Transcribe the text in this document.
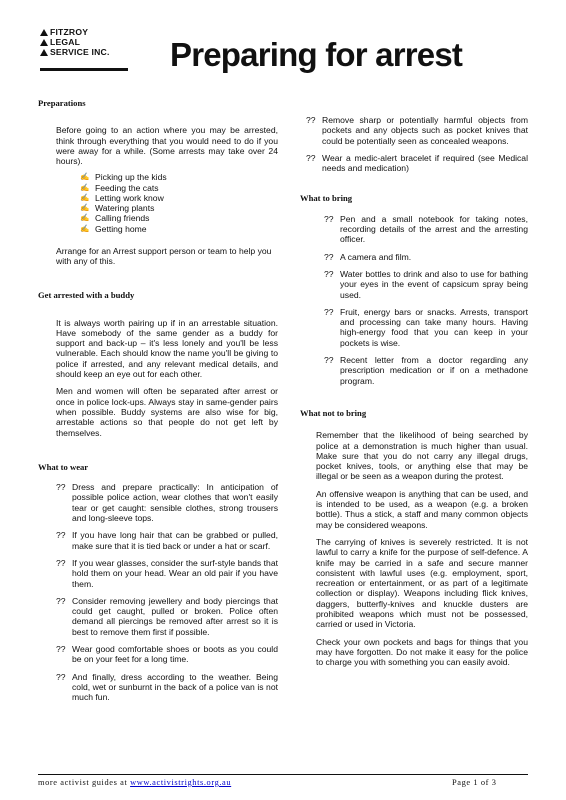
FITZROY
LEGAL
SERVICE INC. Preparing for arrest
Preparations

Before going to an action where you may be arrested, think through everything that you would need to do if you were away for a while. (Some arrests may take over 24 hours).

✍ Picking up the kids
✍ Feeding the cats
✍ Letting work know
✍ Watering plants
✍ Calling friends
✍ Getting home

Arrange for an Arrest support person or team to help you with any of this.

Get arrested with a buddy

It is always worth pairing up if in an arrestable situation. Have somebody of the same gender as a buddy for support and back-up – it's less lonely and you'll be less vulnerable. Each should know the name you'll be giving to police if arrested, and any relevant medical details, and should keep an eye out for each other.

Men and women will often be separated after arrest or once in police lock-ups. Always stay in same-gender pairs when possible. Buddy systems are also wise for big, arrestable actions so that people do not get left by themselves.

What to wear
?? Dress and prepare practically: In anticipation of possible police action, wear clothes that won't easily tear or get caught: sensible clothes, strong trousers and long-sleeve tops.
?? If you have long hair that can be grabbed or pulled, make sure that it is tied back or under a hat or scarf.
?? If you wear glasses, consider the surf-style bands that hold them on your head. Wear an old pair if you have them.
?? Consider removing jewellery and body piercings that could get caught, pulled or broken. Police often demand all piercings be removed after arrest so it is best to remove them first if possible.
?? Wear good comfortable shoes or boots as you could be on your feet for a long time.
?? And finally, dress according to the weather. Being cold, wet or sunburnt in the back of a police van is not much fun.
?? Remove sharp or potentially harmful objects from pockets and any objects such as pocket knives that could be potentially seen as concealed weapons.
?? Wear a medic-alert bracelet if required (see Medical needs and medication)
What to bring
?? Pen and a small notebook for taking notes, recording details of the arrest and the arresting officer.
?? A camera and film.
?? Water bottles to drink and also to use for bathing your eyes in the event of capsicum spray being used.
?? Fruit, energy bars or snacks. Arrests, transport and processing can take many hours. Having high-energy food that you can keep in your pockets is wise.
?? Recent letter from a doctor regarding any prescription medication or if on a methadone program.
What not to bring

Remember that the likelihood of being searched by police at a demonstration is much higher than usual. Make sure that you do not carry any illegal drugs, pocket knives, tools, or anything else that may be illegal or be seen as a weapon during the protest.

An offensive weapon is anything that can be used, and is intended to be used, as a weapon (e.g. a broken bottle). Thus a stick, a staff and many common objects may be considered weapons.

The carrying of knives is severely restricted. It is not lawful to carry a knife for the purpose of self-defence. A knife may be carried in a safe and secure manner consistent with lawful uses (e.g. employment, sport, recreation or entertainment, or as part of a legitimate collection or display). Weapons including flick knives, daggers, butterfly-knives and knuckle dusters are prohibited weapons which must not be possessed, carried or used in Victoria.

Check your own pockets and bags for things that you may have forgotten. Do not make it easy for the police to charge you with something you can easily avoid.

more activist guides at www.activistrights.org.au	Page 1 of 3
